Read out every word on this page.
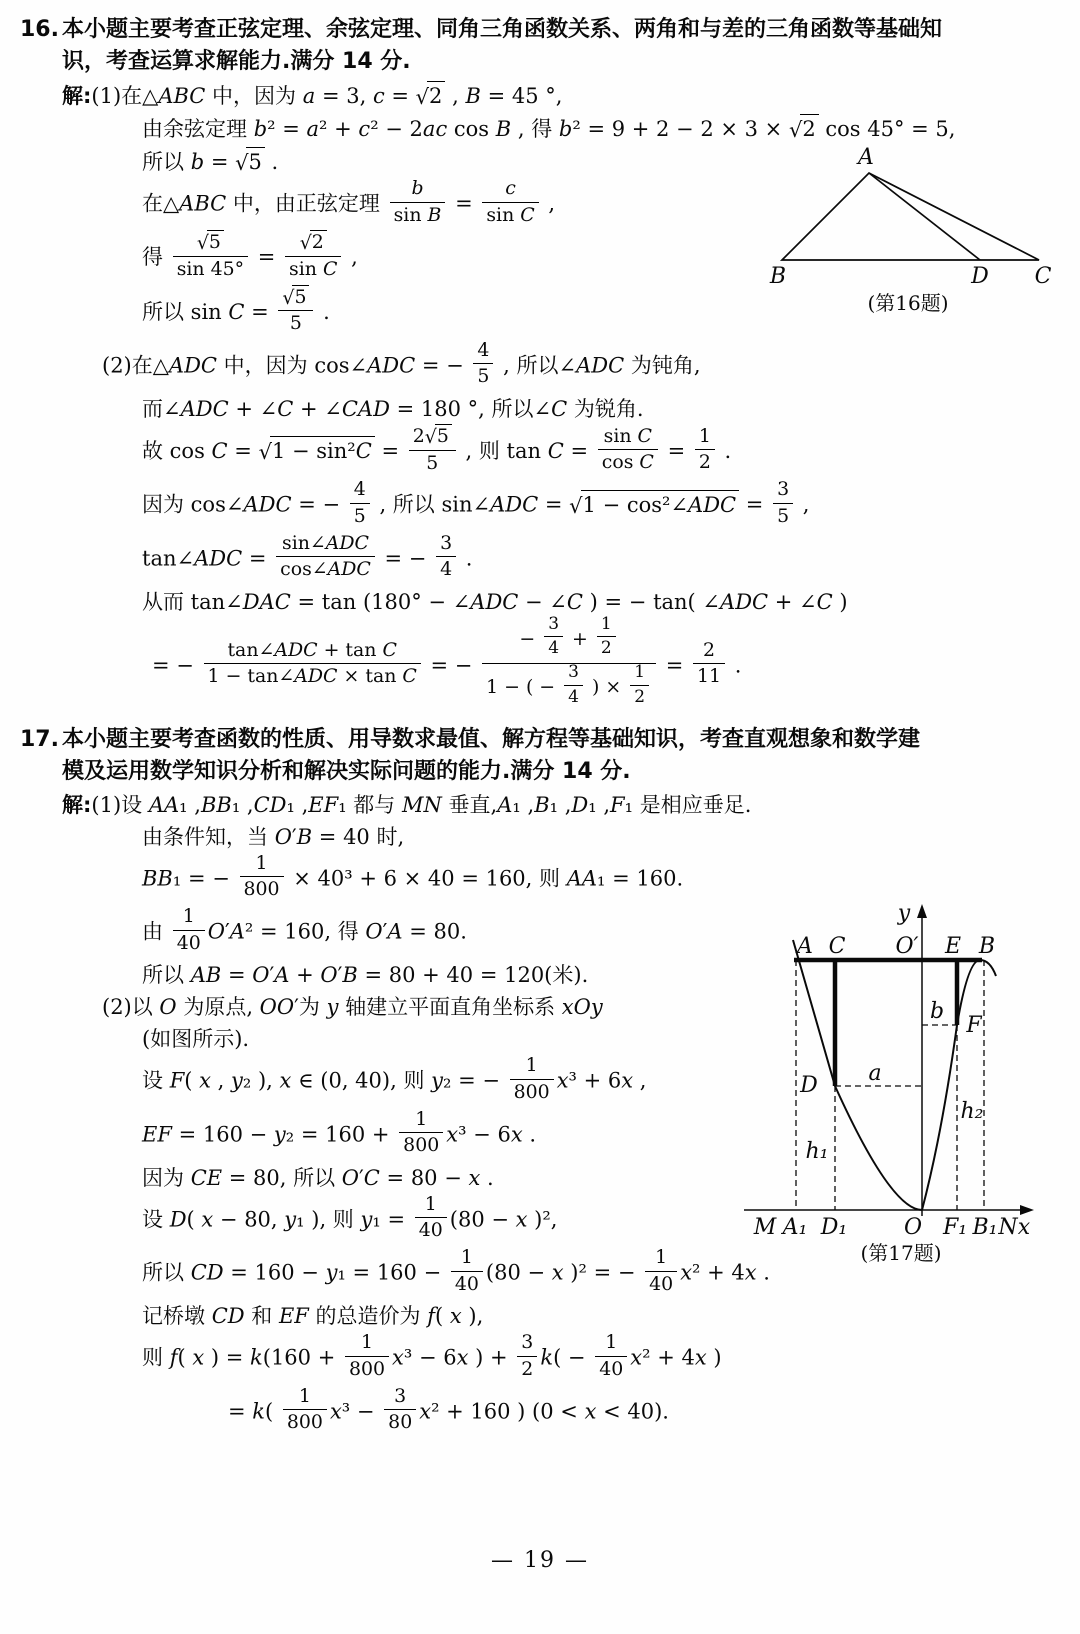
16. 本小题主要考查正弦定理、余弦定理、同角三角函数关系、两角和与差的三角函数等基础知
识，考查运算求解能力.满分 14 分.
解:(1)在△ABC 中，因为 a = 3, c = √2 , B = 45 °,
由余弦定理 b² = a² + c² − 2ac cos B , 得 b² = 9 + 2 − 2 × 3 × √2 cos 45° = 5,
所以 b = √5 .
在△ABC 中，由正弦定理 $\frac{b}{\text{sin B}} = \frac{c}{\text{sin C}}$ ,
得 $\frac{√5}{\sin 45^\circ} = \frac{√2}{\text{sin C}}$ ,
所以 $\sin C = \frac{√5}{5}$ .
(2)在△ADC 中，因为 cos∠ADC = − $\frac{4}{5}$ , 所以∠ADC 为钝角,
而∠ADC + ∠C + ∠CAD = 180 °, 所以∠C 为锐角.
故 $\cos C = √1 - \sin^2C = \frac{2√5}{5}$ , 则 $\tan C = \frac{\text{sin C}}{\text{cos C}} = \frac{1}{2}$ .
因为 cos∠ADC = − $\frac{4}{5}$ , 所以 sin∠ADC = √1 − cos²∠ADC = $\frac{3}{5}$ ,
tan∠ADC = $\frac{\text{sin∠ADC}}{\text{cos∠ADC}}$ = − $\frac{3}{4}$ .
从而 tan∠DAC = tan (180° − ∠ADC − ∠C ) = − tan( ∠ADC + ∠C )
= − $\frac{\text{tan∠ADC + tan C}}{\text{1 − tan∠ADC × tan C}}$ = − $\frac{- \frac{3}{4} + \frac{1}{2}}{1 - ( - \frac{3}{4} ) \times \frac{1}{2}} = \frac{2}{11}$ .
17. 本小题主要考查函数的性质、用导数求最值、解方程等基础知识，考查直观想象和数学建
模及运用数学知识分析和解决实际问题的能力.满分 14 分.
解:(1)设 AA₁ ,BB₁ ,CD₁ ,EF₁ 都与 MN 垂直,A₁ ,B₁ ,D₁ ,F₁ 是相应垂足.
由条件知，当 O′B = 40 时,
BB₁ = − $\frac{1}{800} \times 40^3 + 6 \times 40 = 160$, 则 AA₁ = 160.
由 $\frac{1}{40} O'A^2 = 160$, 得 O′A = 80.
所以 AB = O′A + O′B = 80 + 40 = 120(米).
(2)以 O 为原点, OO′为 y 轴建立平面直角坐标系 xOy
(如图所示).
设 F( x , y₂ ), x ∈ (0, 40), 则 y₂ = − $\frac{1}{800} x^3 + 6x$ ,
EF = $160 - y_2 = 160 + \frac{1}{800} x^3 - 6x$ .
因为 CE = 80, 所以 O′C = 80 − x .
设 D( x − 80, y₁ ), 则 $y_1 = \frac{1}{40} (80 - x$ )²,
所以 CD = $160 - y_1 = 160 - \frac{1}{40} (80 - x$ )² = − $\frac{1}{40} x^2 + 4x$ .
记桥墩 CD 和 EF 的总造价为 f( x ),
则 f( x ) = $k(160 + \frac{1}{800} x^3 - 6x$ ) + $\frac{3}{2} k( - \frac{1}{40} x^2 + 4x$ )
= $k( \frac{1}{800} x^3 - \frac{3}{80} x^2 + 160$ ) (0 < x < 40).
A
B	D C
(第16题)
A C O′ E B
y
D
F
a
b
h₁
h₂
M A₁ D₁	O F₁ B₁ N x
(第17题)
— 19 —
